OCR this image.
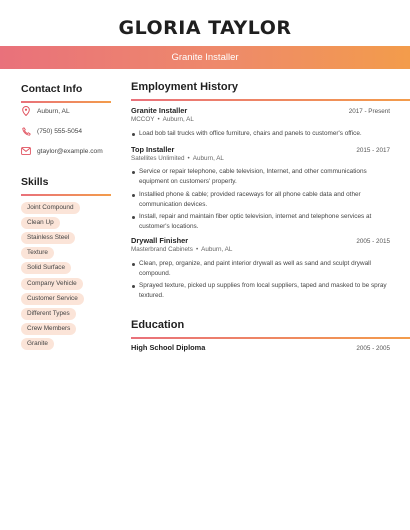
GLORIA TAYLOR
Granite Installer
Contact Info
Auburn, AL
(750) 555-5054
gtaylor@example.com
Skills
Joint Compound
Clean Up
Stainless Steel
Texture
Solid Surface
Company Vehicle
Customer Service
Different Types
Crew Members
Granite
Employment History
Granite Installer	2017 - Present
MCCOY • Auburn, AL
Load bob tail trucks with office furniture, chairs and panels to customer's office.
Top Installer	2015 - 2017
Satellites Unlimited • Auburn, AL
Service or repair telephone, cable television, Internet, and other communications equipment on customers' property.
Installied phone & cable; provided raceways for all phone cable data and other communication devices.
Install, repair and maintain fiber optic television, internet and telephone services at customer's locations.
Drywall Finisher	2005 - 2015
Masterbrand Cabinets • Auburn, AL
Clean, prep, organize, and paint interior drywall as well as sand and sculpt drywall compound.
Sprayed texture, picked up supplies from local suppliers, taped and masked to be spray textured.
Education
High School Diploma	2005 - 2005
